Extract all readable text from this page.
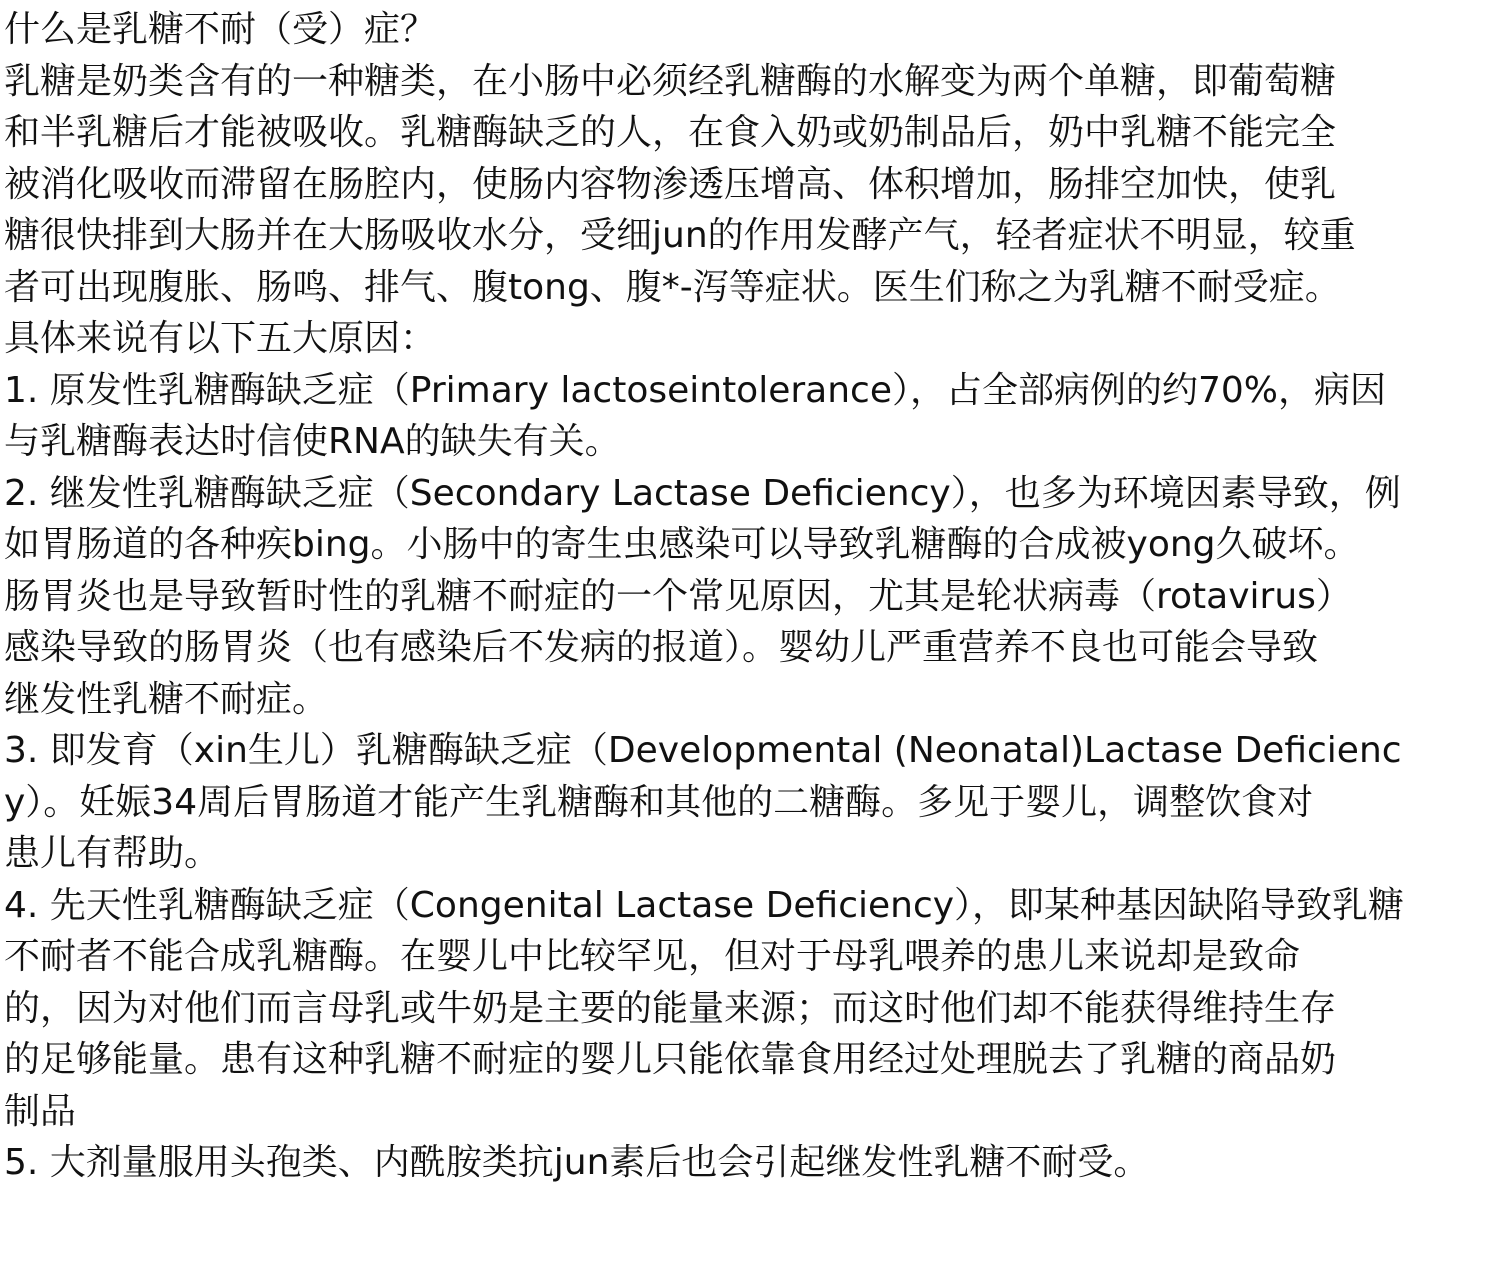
什么是乳糖不耐（受）症？
乳糖是奶类含有的一种糖类，在小肠中必须经乳糖酶的水解变为两个单糖，即葡萄糖
和半乳糖后才能被吸收。乳糖酶缺乏的人，在食入奶或奶制品后，奶中乳糖不能完全
被消化吸收而滞留在肠腔内，使肠内容物渗透压增高、体积增加，肠排空加快，使乳
糖很快排到大肠并在大肠吸收水分，受细jun的作用发酵产气，轻者症状不明显，较重
者可出现腹胀、肠鸣、排气、腹tong、腹*-泻等症状。医生们称之为乳糖不耐受症。
具体来说有以下五大原因：
1. 原发性乳糖酶缺乏症（Primary lactoseintolerance），占全部病例的约70%，病因
与乳糖酶表达时信使RNA的缺失有关。
2. 继发性乳糖酶缺乏症（Secondary Lactase Deficiency），也多为环境因素导致，例
如胃肠道的各种疾bing。小肠中的寄生虫感染可以导致乳糖酶的合成被yong久破坏。
肠胃炎也是导致暂时性的乳糖不耐症的一个常见原因，尤其是轮状病毒（rotavirus）
感染导致的肠胃炎（也有感染后不发病的报道）。婴幼儿严重营养不良也可能会导致
继发性乳糖不耐症。
3. 即发育（xin生儿）乳糖酶缺乏症（Developmental (Neonatal)Lactase Deficienc
y）。妊娠34周后胃肠道才能产生乳糖酶和其他的二糖酶。多见于婴儿，调整饮食对
患儿有帮助。
4. 先天性乳糖酶缺乏症（Congenital Lactase Deficiency），即某种基因缺陷导致乳糖
不耐者不能合成乳糖酶。在婴儿中比较罕见，但对于母乳喂养的患儿来说却是致命
的，因为对他们而言母乳或牛奶是主要的能量来源；而这时他们却不能获得维持生存
的足够能量。患有这种乳糖不耐症的婴儿只能依靠食用经过处理脱去了乳糖的商品奶
制品
5. 大剂量服用头孢类、内酰胺类抗jun素后也会引起继发性乳糖不耐受。
